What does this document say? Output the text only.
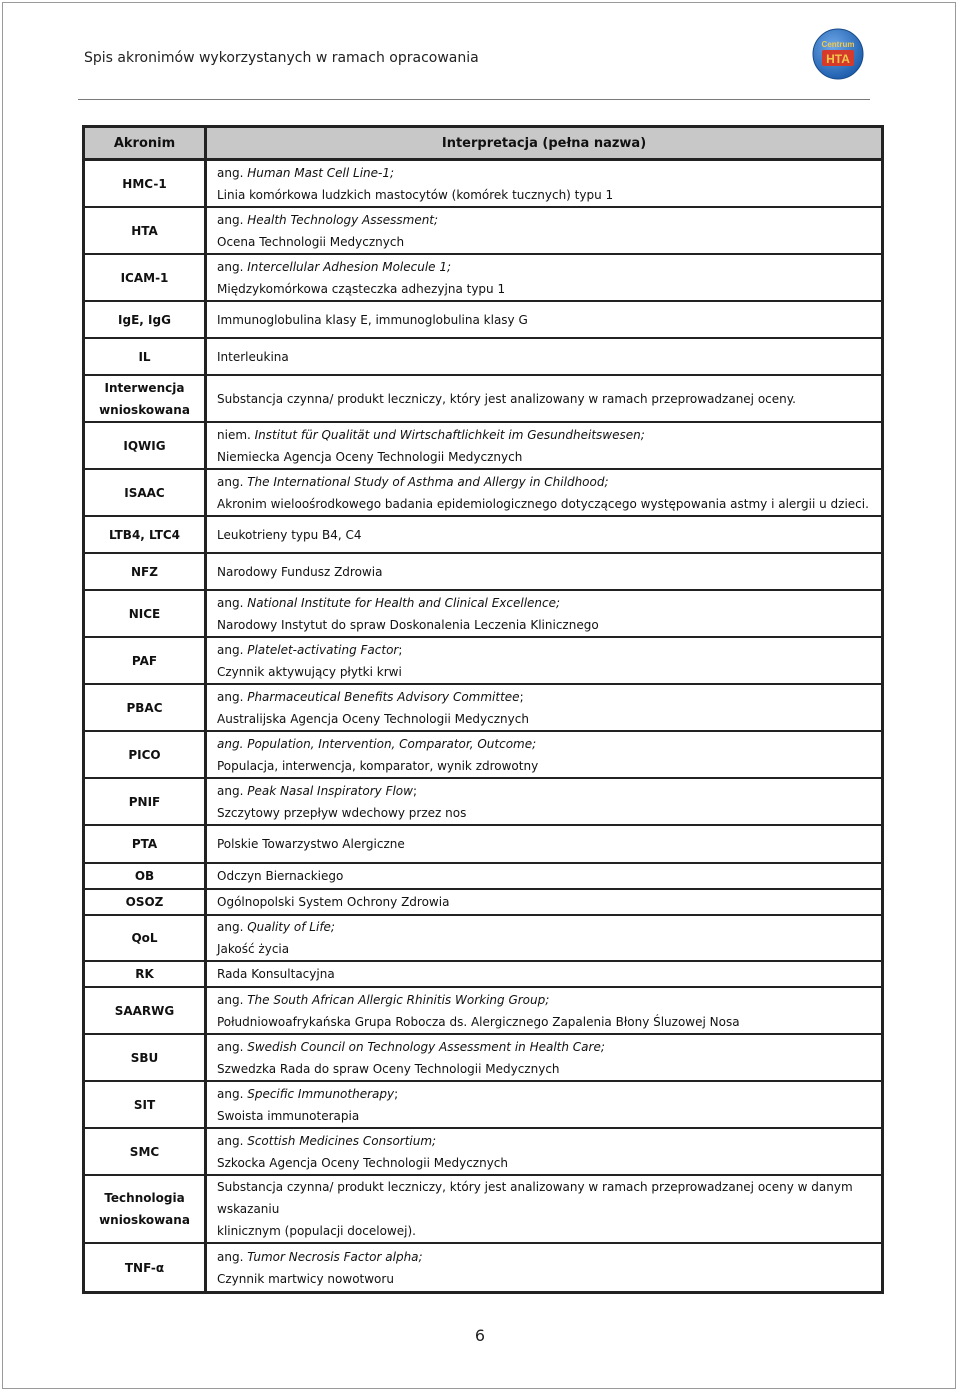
Spis akronimów wykorzystanych w ramach opracowania
Centrum
HTA
Akronim	Interpretacja (pełna nazwa)
HMC-1	ang. Human Mast Cell Line-1;
Linia komórkowa ludzkich mastocytów (komórek tucznych) typu 1

HTA	ang. Health Technology Assessment;
Ocena Technologii Medycznych

ICAM-1	ang. Intercellular Adhesion Molecule 1;
Międzykomórkowa cząsteczka adhezyjna typu 1

IgE, IgG	Immunoglobulina klasy E, immunoglobulina klasy G

IL	Interleukina

Interwencja wnioskowana	Substancja czynna/ produkt leczniczy, który jest analizowany w ramach przeprowadzanej oceny.

IQWIG	niem. Institut für Qualität und Wirtschaftlichkeit im Gesundheitswesen;
Niemiecka Agencja Oceny Technologii Medycznych

ISAAC	ang. The International Study of Asthma and Allergy in Childhood;
Akronim wieloośrodkowego badania epidemiologicznego dotyczącego występowania astmy i alergii u dzieci.

LTB4, LTC4	Leukotrieny typu B4, C4

NFZ	Narodowy Fundusz Zdrowia

NICE	ang. National Institute for Health and Clinical Excellence;
Narodowy Instytut do spraw Doskonalenia Leczenia Klinicznego

PAF	ang. Platelet-activating Factor;
Czynnik aktywujący płytki krwi

PBAC	ang. Pharmaceutical Benefits Advisory Committee;
Australijska Agencja Oceny Technologii Medycznych

PICO	ang. Population, Intervention, Comparator, Outcome;
Populacja, interwencja, komparator, wynik zdrowotny

PNIF	ang. Peak Nasal Inspiratory Flow;
Szczytowy przepływ wdechowy przez nos

PTA	Polskie Towarzystwo Alergiczne

OB	Odczyn Biernackiego

OSOZ	Ogólnopolski System Ochrony Zdrowia

QoL	ang. Quality of Life;
Jakość życia

RK	Rada Konsultacyjna

SAARWG	ang. The South African Allergic Rhinitis Working Group;
Południowoafrykańska Grupa Robocza ds. Alergicznego Zapalenia Błony Śluzowej Nosa

SBU	ang. Swedish Council on Technology Assessment in Health Care;
Szwedzka Rada do spraw Oceny Technologii Medycznych

SIT	ang. Specific Immunotherapy;
Swoista immunoterapia

SMC	ang. Scottish Medicines Consortium;
Szkocka Agencja Oceny Technologii Medycznych

Technologia wnioskowana	Substancja czynna/ produkt leczniczy, który jest analizowany w ramach przeprowadzanej oceny w danym wskazaniu
klinicznym (populacji docelowej).

TNF-α	ang. Tumor Necrosis Factor alpha;
Czynnik martwicy nowotworu
6
